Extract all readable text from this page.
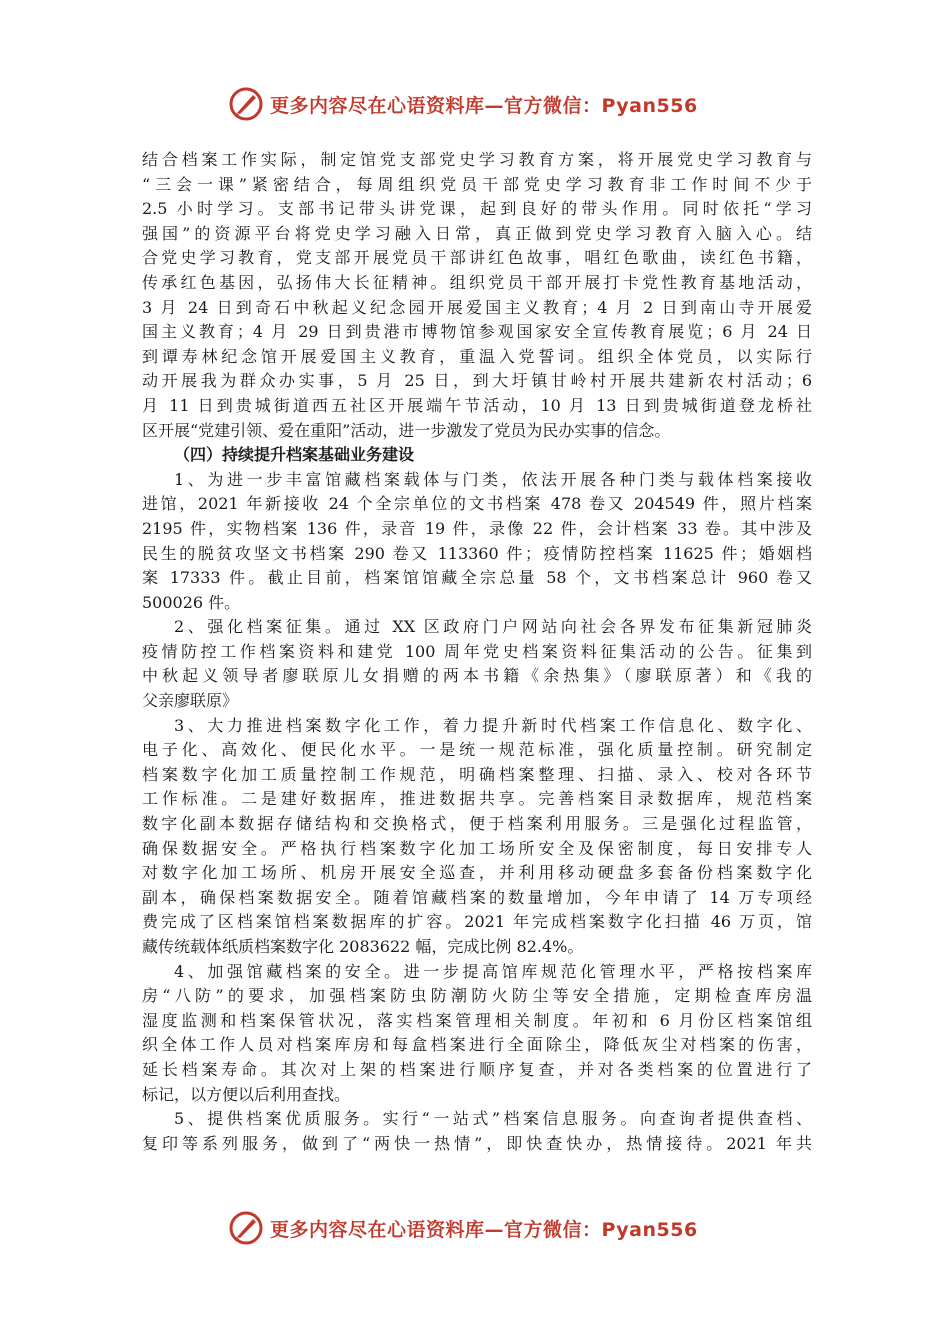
更多内容尽在心语资料库—官方微信：Pyan556
结合档案工作实际，制定馆党支部党史学习教育方案，将开展党史学习教育与
“三会一课”紧密结合，每周组织党员干部党史学习教育非工作时间不少于
2.5 小时学习。支部书记带头讲党课，起到良好的带头作用。同时依托“学习
强国”的资源平台将党史学习融入日常，真正做到党史学习教育入脑入心。结
合党史学习教育，党支部开展党员干部讲红色故事，唱红色歌曲，读红色书籍，
传承红色基因，弘扬伟大长征精神。组织党员干部开展打卡党性教育基地活动，
3 月 24 日到奇石中秋起义纪念园开展爱国主义教育；4 月 2 日到南山寺开展爱
国主义教育；4 月 29 日到贵港市博物馆参观国家安全宣传教育展览；6 月 24 日
到谭寿林纪念馆开展爱国主义教育，重温入党誓词。组织全体党员，以实际行
动开展我为群众办实事，5 月 25 日，到大圩镇甘岭村开展共建新农村活动；6
月 11 日到贵城街道西五社区开展端午节活动，10 月 13 日到贵城街道登龙桥社
区开展“党建引领、爱在重阳”活动，进一步激发了党员为民办实事的信念。
（四）持续提升档案基础业务建设
1、为进一步丰富馆藏档案载体与门类，依法开展各种门类与载体档案接收
进馆，2021 年新接收 24 个全宗单位的文书档案 478 卷又 204549 件，照片档案
2195 件，实物档案 136 件，录音 19 件，录像 22 件，会计档案 33 卷。其中涉及
民生的脱贫攻坚文书档案 290 卷又 113360 件；疫情防控档案 11625 件；婚姻档
案 17333 件。截止目前，档案馆馆藏全宗总量 58 个，文书档案总计 960 卷又
500026 件。
2、强化档案征集。通过 XX 区政府门户网站向社会各界发布征集新冠肺炎
疫情防控工作档案资料和建党 100 周年党史档案资料征集活动的公告。征集到
中秋起义领导者廖联原儿女捐赠的两本书籍《余热集》（廖联原著）和《我的
父亲廖联原》
3、大力推进档案数字化工作，着力提升新时代档案工作信息化、数字化、
电子化、高效化、便民化水平。一是统一规范标准，强化质量控制。研究制定
档案数字化加工质量控制工作规范，明确档案整理、扫描、录入、校对各环节
工作标准。二是建好数据库，推进数据共享。完善档案目录数据库，规范档案
数字化副本数据存储结构和交换格式，便于档案利用服务。三是强化过程监管，
确保数据安全。严格执行档案数字化加工场所安全及保密制度，每日安排专人
对数字化加工场所、机房开展安全巡查，并利用移动硬盘多套备份档案数字化
副本，确保档案数据安全。随着馆藏档案的数量增加，今年申请了 14 万专项经
费完成了区档案馆档案数据库的扩容。2021 年完成档案数字化扫描 46 万页，馆
藏传统载体纸质档案数字化 2083622 幅，完成比例 82.4%。
4、加强馆藏档案的安全。进一步提高馆库规范化管理水平，严格按档案库
房“八防”的要求，加强档案防虫防潮防火防尘等安全措施，定期检查库房温
湿度监测和档案保管状况，落实档案管理相关制度。年初和 6 月份区档案馆组
织全体工作人员对档案库房和每盒档案进行全面除尘，降低灰尘对档案的伤害，
延长档案寿命。其次对上架的档案进行顺序复查，并对各类档案的位置进行了
标记，以方便以后利用查找。
5、提供档案优质服务。实行“一站式”档案信息服务。向查询者提供查档、
复印等系列服务，做到了“两快一热情”，即快查快办，热情接待。2021 年共
更多内容尽在心语资料库—官方微信：Pyan556
